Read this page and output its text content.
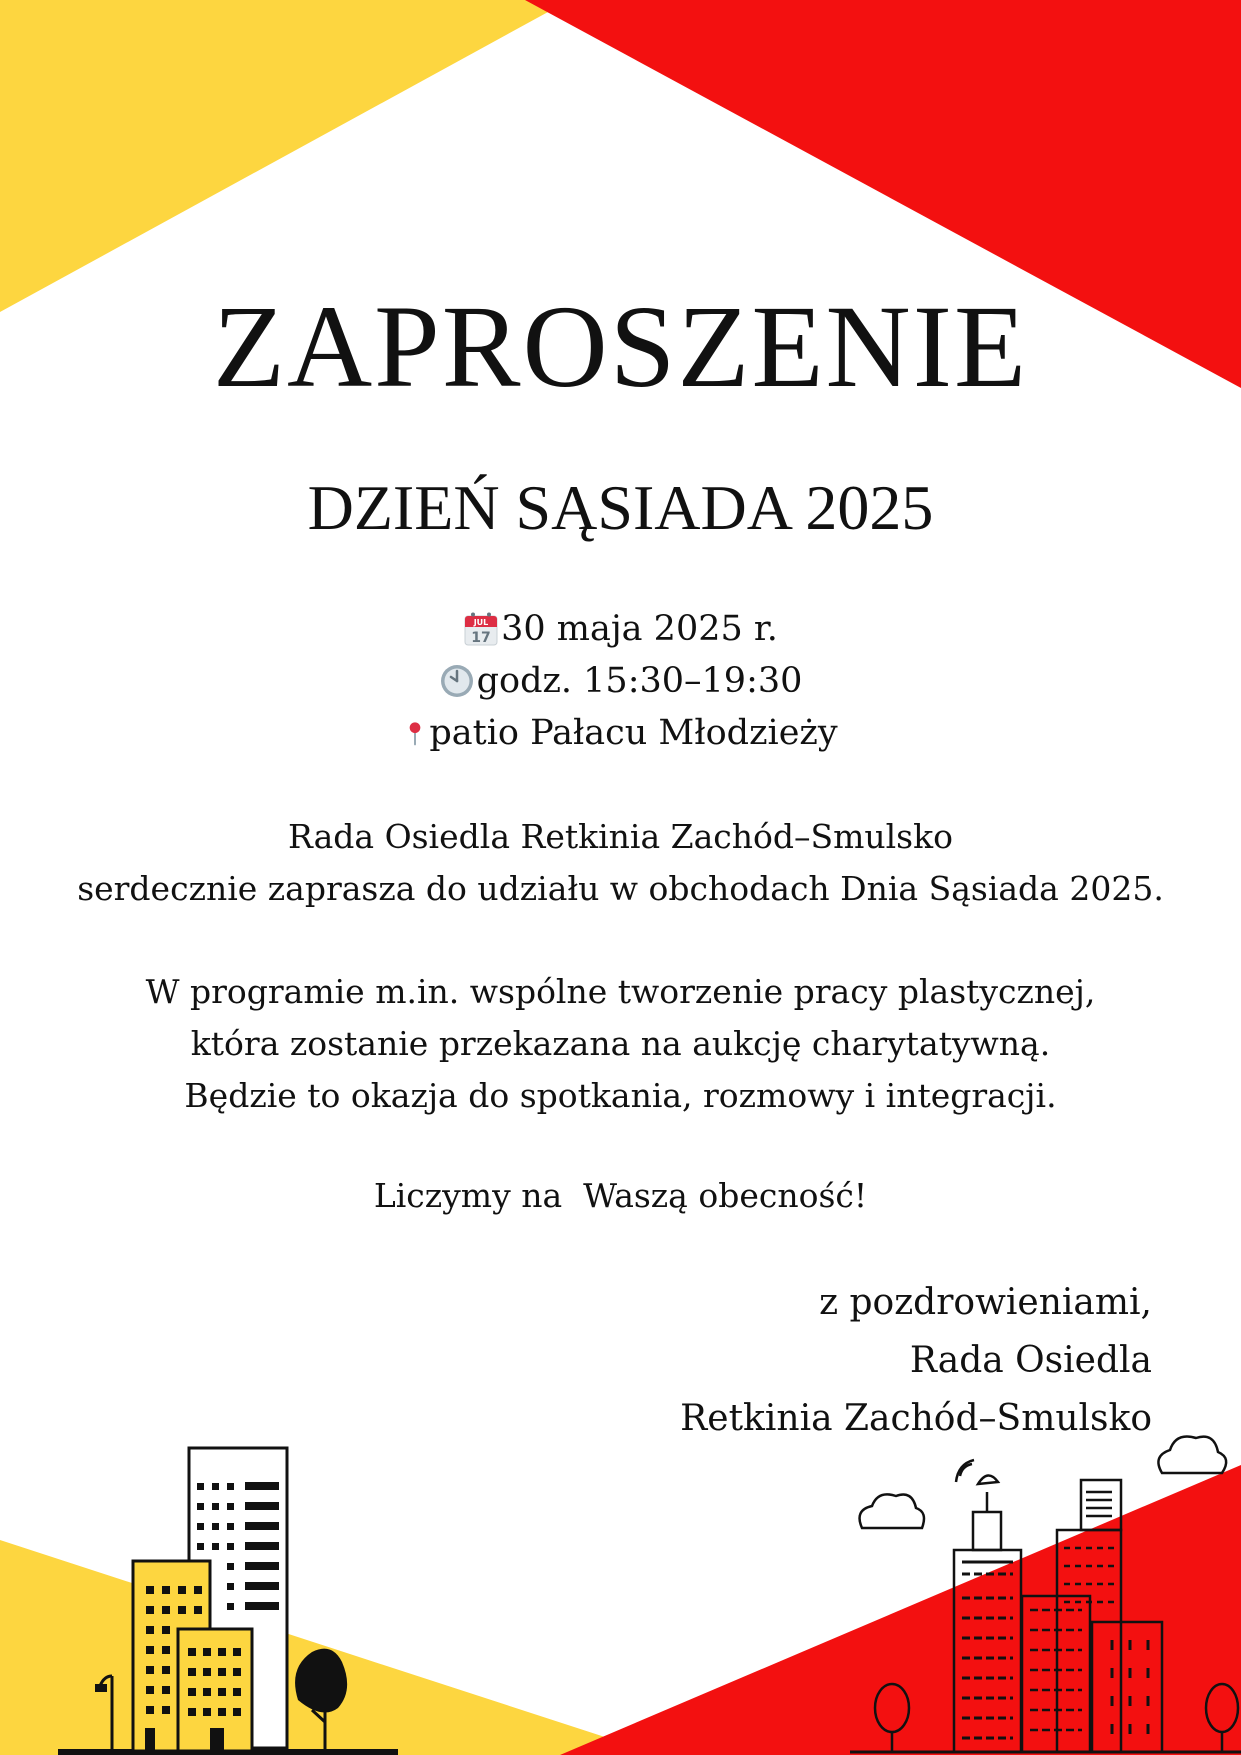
ZAPROSZENIE
DZIEŃ SĄSIADA 2025
JUL
17 30 maja 2025 r.
godz. 15:30–19:30
patio Pałacu Młodzieży
Rada Osiedla Retkinia Zachód–Smulsko
serdecznie zaprasza do udziału w obchodach Dnia Sąsiada 2025.
W programie m.in. wspólne tworzenie pracy plastycznej,
która zostanie przekazana na aukcję charytatywną.
Będzie to okazja do spotkania, rozmowy i integracji.
Liczymy na  Waszą obecność!
z pozdrowieniami,
Rada Osiedla
Retkinia Zachód–Smulsko
